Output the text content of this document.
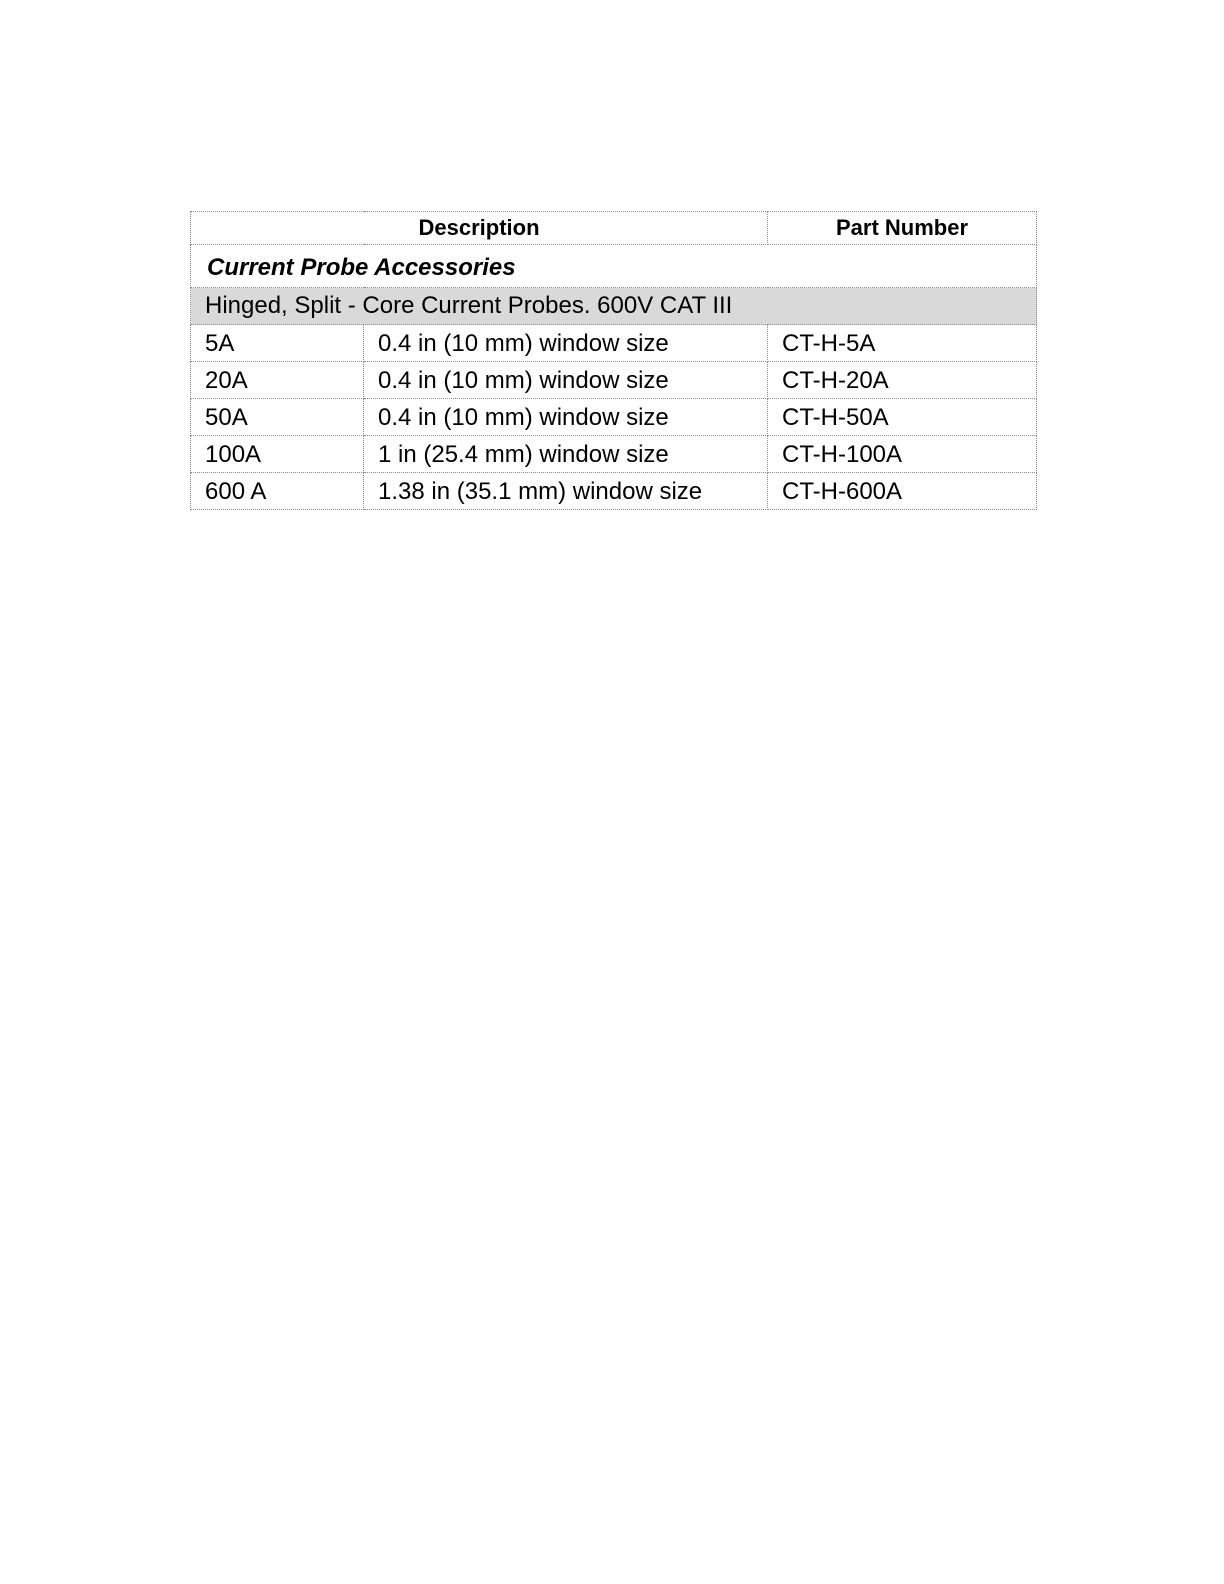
Description		Part Number
Current Probe Accessories		
Hinged, Split - Core Current Probes. 600V CAT III		
5A	0.4 in (10 mm) window size	CT-H-5A
20A	0.4 in (10 mm) window size	CT-H-20A
50A	0.4 in (10 mm) window size	CT-H-50A
100A	1 in (25.4 mm) window size	CT-H-100A
600 A	1.38 in (35.1 mm) window size	CT-H-600A
